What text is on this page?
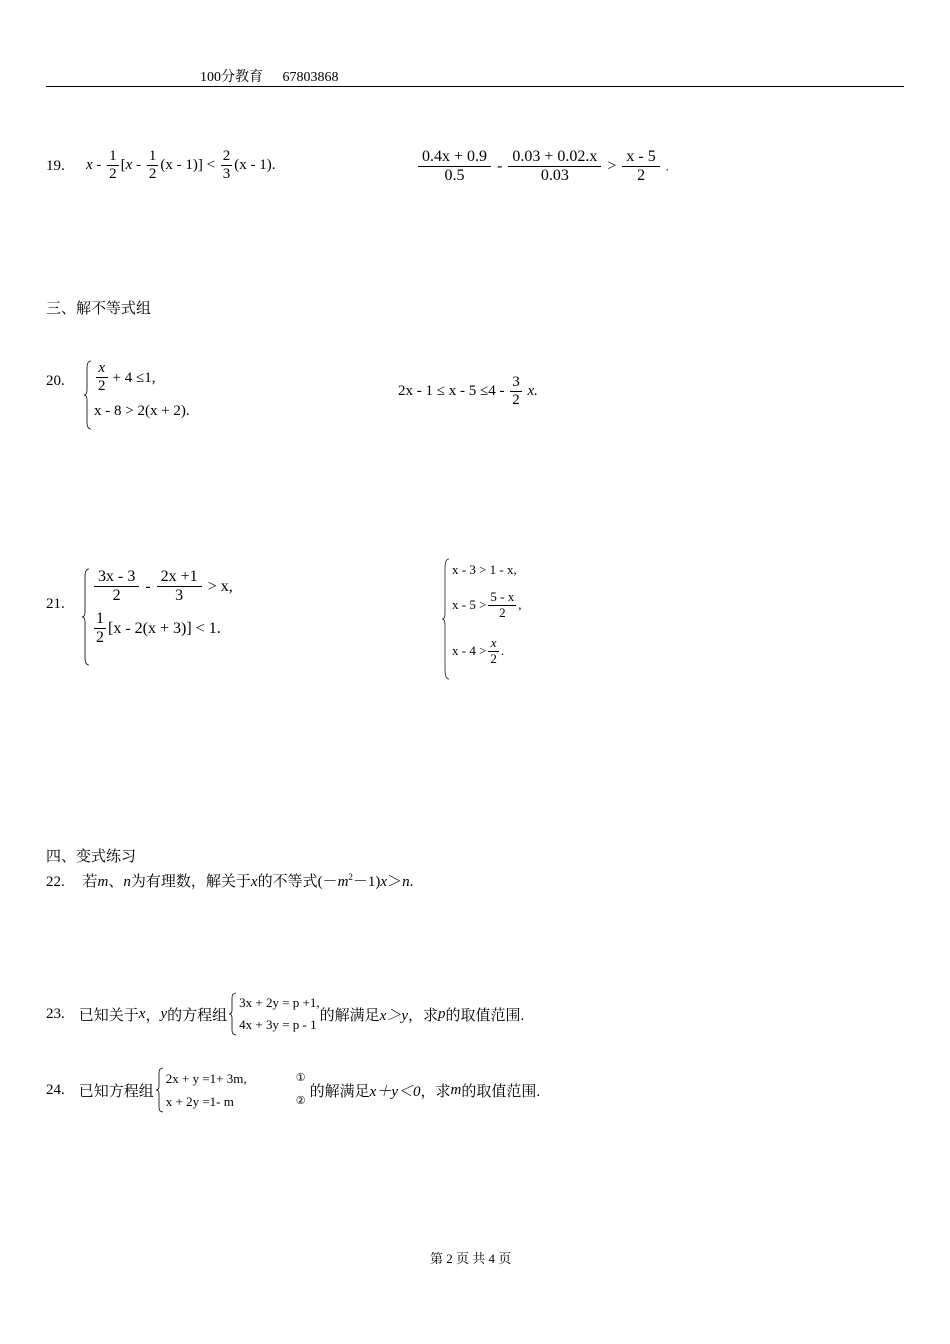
100分教育 67803868
19. $x - \frac{1}{2} [x - \frac{1}{2} (x - 1)] < \frac{2}{3} (x - 1)$.	$\frac{0.4x + 0.9}{0.5} - \frac{0.03 + 0.02.x}{0.03} > \frac{x - 5}{2}$ .
三、解不等式组
20. $\frac{x}{2} + 4 \le 1$,
x - 8 > 2(x + 2).
$2x - 1 \le x - 5 \le 4 - \frac{3}{2} x$.
21. $\frac{3x - 3}{2} - \frac{2x +1}{3} > x$,
$\frac{1}{2} [x - 2(x + 3)] < 1$.
x - 3 > 1 - x,
$x - 5 > \frac{5 - x}{2}$ ,
$x - 4 > \frac{x}{2}$ .
四、变式练习
22. 若m、n为有理数，解关于x的不等式$(-m^2-1)x>n$.
23. 已知关于 x ， y 的方程组
3x + 2y = p +1,
4x + 3y = p - 1
的解满足 x＞y ，求 p 的取值范围.
24. 已知方程组
2x + y =1+ 3m,	①
x + 2y =1- m	②
的解满足 x＋y＜0 ，求 m 的取值范围.
第 2 页 共 4 页
